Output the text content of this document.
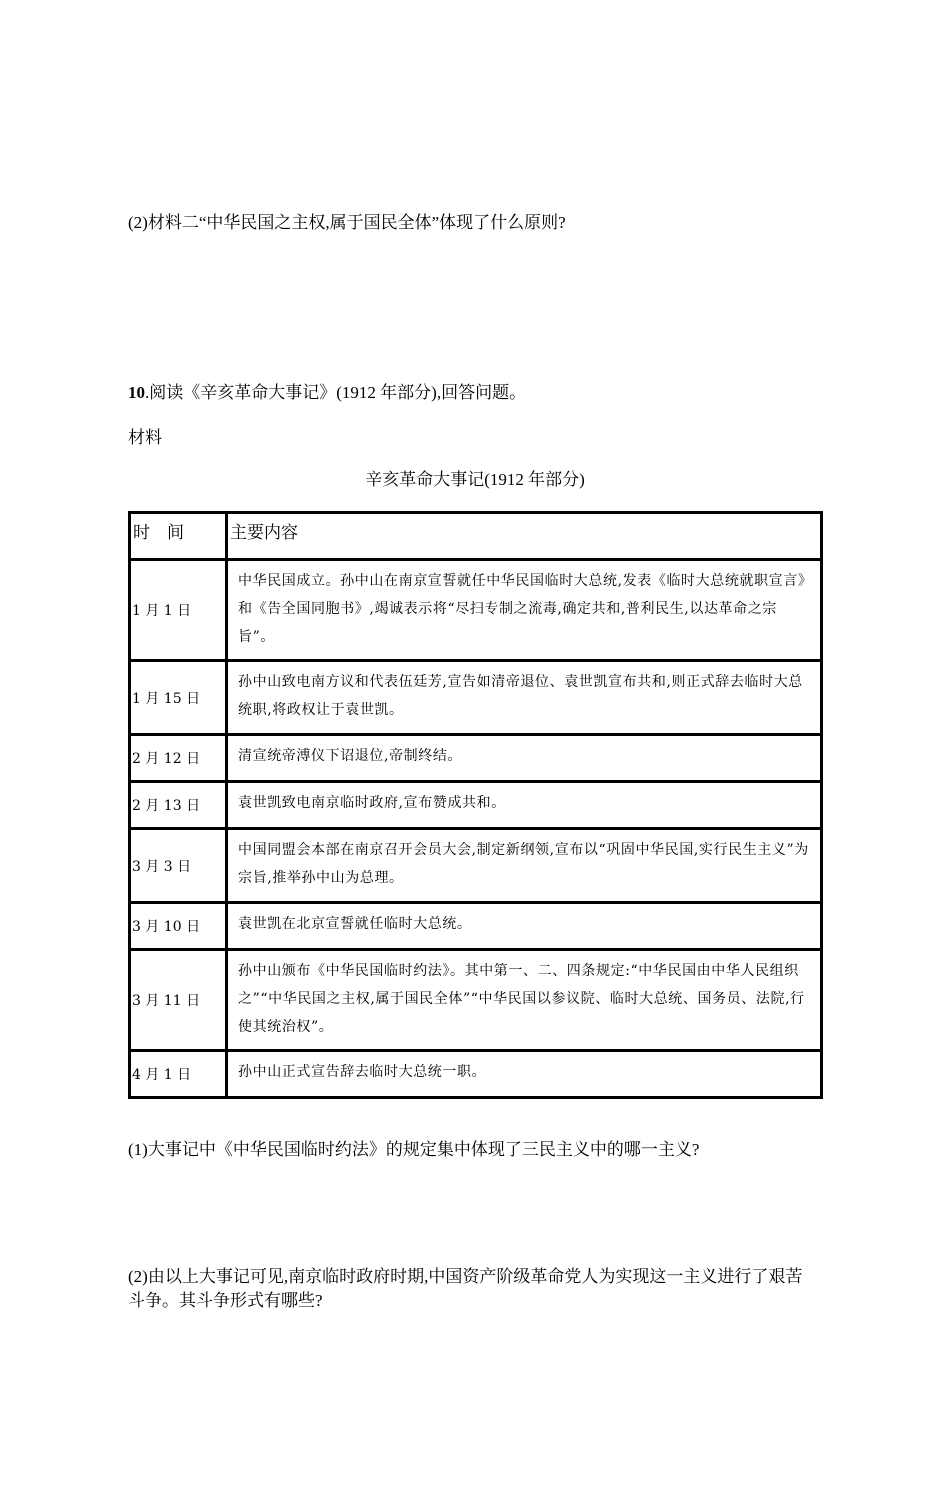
(2)材料二“中华民国之主权,属于国民全体”体现了什么原则?
10.阅读《辛亥革命大事记》(1912 年部分),回答问题。
材料
辛亥革命大事记(1912 年部分)
时　间	主要内容
1 月 1 日	中华民国成立。孙中山在南京宣誓就任中华民国临时大总统,发表《临时大总统就职宣言》和《告全国同胞书》,竭诚表示将“尽扫专制之流毒,确定共和,普利民生,以达革命之宗旨”。
1 月 15 日	孙中山致电南方议和代表伍廷芳,宣告如清帝退位、袁世凯宣布共和,则正式辞去临时大总统职,将政权让于袁世凯。
2 月 12 日	清宣统帝溥仪下诏退位,帝制终结。
2 月 13 日	袁世凯致电南京临时政府,宣布赞成共和。
3 月 3 日	中国同盟会本部在南京召开会员大会,制定新纲领,宣布以“巩固中华民国,实行民生主义”为宗旨,推举孙中山为总理。
3 月 10 日	袁世凯在北京宣誓就任临时大总统。
3 月 11 日	孙中山颁布《中华民国临时约法》。其中第一、二、四条规定:“中华民国由中华人民组织之”“中华民国之主权,属于国民全体”“中华民国以参议院、临时大总统、国务员、法院,行使其统治权”。
4 月 1 日	孙中山正式宣告辞去临时大总统一职。
(1)大事记中《中华民国临时约法》的规定集中体现了三民主义中的哪一主义?
(2)由以上大事记可见,南京临时政府时期,中国资产阶级革命党人为实现这一主义进行了艰苦斗争。其斗争形式有哪些?
